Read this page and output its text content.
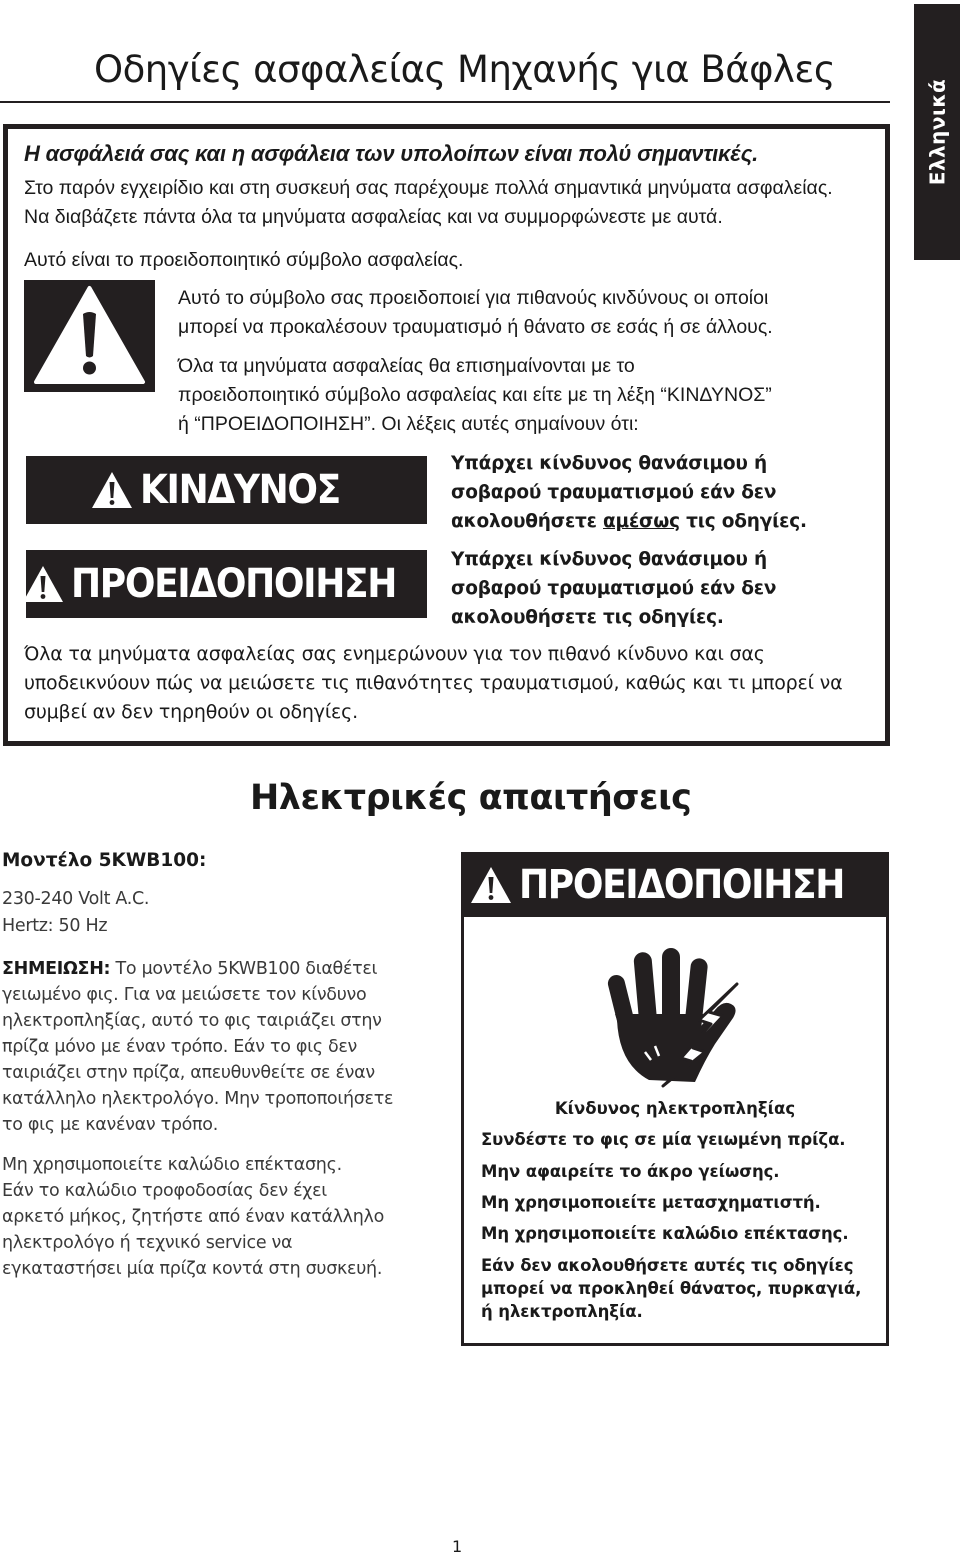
Ελληνικά
Οδηγίες ασφαλείας Μηχανής για Βάφλες
Η ασφάλειά σας και η ασφάλεια των υπολοίπων είναι πολύ σημαντικές.
Στο παρόν εγχειρίδιο και στη συσκευή σας παρέχουμε πολλά σημαντικά μηνύματα ασφαλείας.
Να διαβάζετε πάντα όλα τα μηνύματα ασφαλείας και να συμμορφώνεστε με αυτά.
Αυτό είναι το προειδοποιητικό σύμβολο ασφαλείας.
Αυτό το σύμβολο σας προειδοποιεί για πιθανούς κινδύνους οι οποίοι
μπορεί να προκαλέσουν τραυματισμό ή θάνατο σε εσάς ή σε άλλους.
Όλα τα μηνύματα ασφαλείας θα επισημαίνονται με το
προειδοποιητικό σύμβολο ασφαλείας και είτε με τη λέξη “ΚΙΝΔΥΝΟΣ”
ή “ΠΡΟΕΙΔΟΠΟΙΗΣΗ”. Οι λέξεις αυτές σημαίνουν ότι:
ΚΙΝΔΥΝΟΣ
Υπάρχει κίνδυνος θανάσιμου ή
σοβαρού τραυματισμού εάν δεν
ακολουθήσετε αμέσως τις οδηγίες.
ΠΡΟΕΙΔΟΠΟΙΗΣΗ
Υπάρχει κίνδυνος θανάσιμου ή
σοβαρού τραυματισμού εάν δεν
ακολουθήσετε τις οδηγίες.
Όλα τα μηνύματα ασφαλείας σας ενημερώνουν για τον πιθανό κίνδυνο και σας
υποδεικνύουν πώς να μειώσετε τις πιθανότητες τραυματισμού, καθώς και τι μπορεί να
συμβεί αν δεν τηρηθούν οι οδηγίες.
Ηλεκτρικές απαιτήσεις
Μοντέλο 5KWB100:
230-240 Volt A.C.
Hertz: 50 Hz
ΣΗΜΕΙΩΣΗ: Το μοντέλο 5KWB100 διαθέτει
γειωμένο φις. Για να μειώσετε τον κίνδυνο
ηλεκτροπληξίας, αυτό το φις ταιριάζει στην
πρίζα μόνο με έναν τρόπο. Εάν το φις δεν
ταιριάζει στην πρίζα, απευθυνθείτε σε έναν
κατάλληλο ηλεκτρολόγο. Μην τροποποιήσετε
το φις με κανέναν τρόπο.
Μη χρησιμοποιείτε καλώδιο επέκτασης.
Εάν το καλώδιο τροφοδοσίας δεν έχει
αρκετό μήκος, ζητήστε από έναν κατάλληλο
ηλεκτρολόγο ή τεχνικό service να
εγκαταστήσει μία πρίζα κοντά στη συσκευή.
ΠΡΟΕΙΔΟΠΟΙΗΣΗ
Κίνδυνος ηλεκτροπληξίας
Συνδέστε το φις σε μία γειωμένη πρίζα.
Μην αφαιρείτε το άκρο γείωσης.
Μη χρησιμοποιείτε μετασχηματιστή.
Μη χρησιμοποιείτε καλώδιο επέκτασης.
Εάν δεν ακολουθήσετε αυτές τις οδηγίες
μπορεί να προκληθεί θάνατος, πυρκαγιά,
ή ηλεκτροπληξία.
1
